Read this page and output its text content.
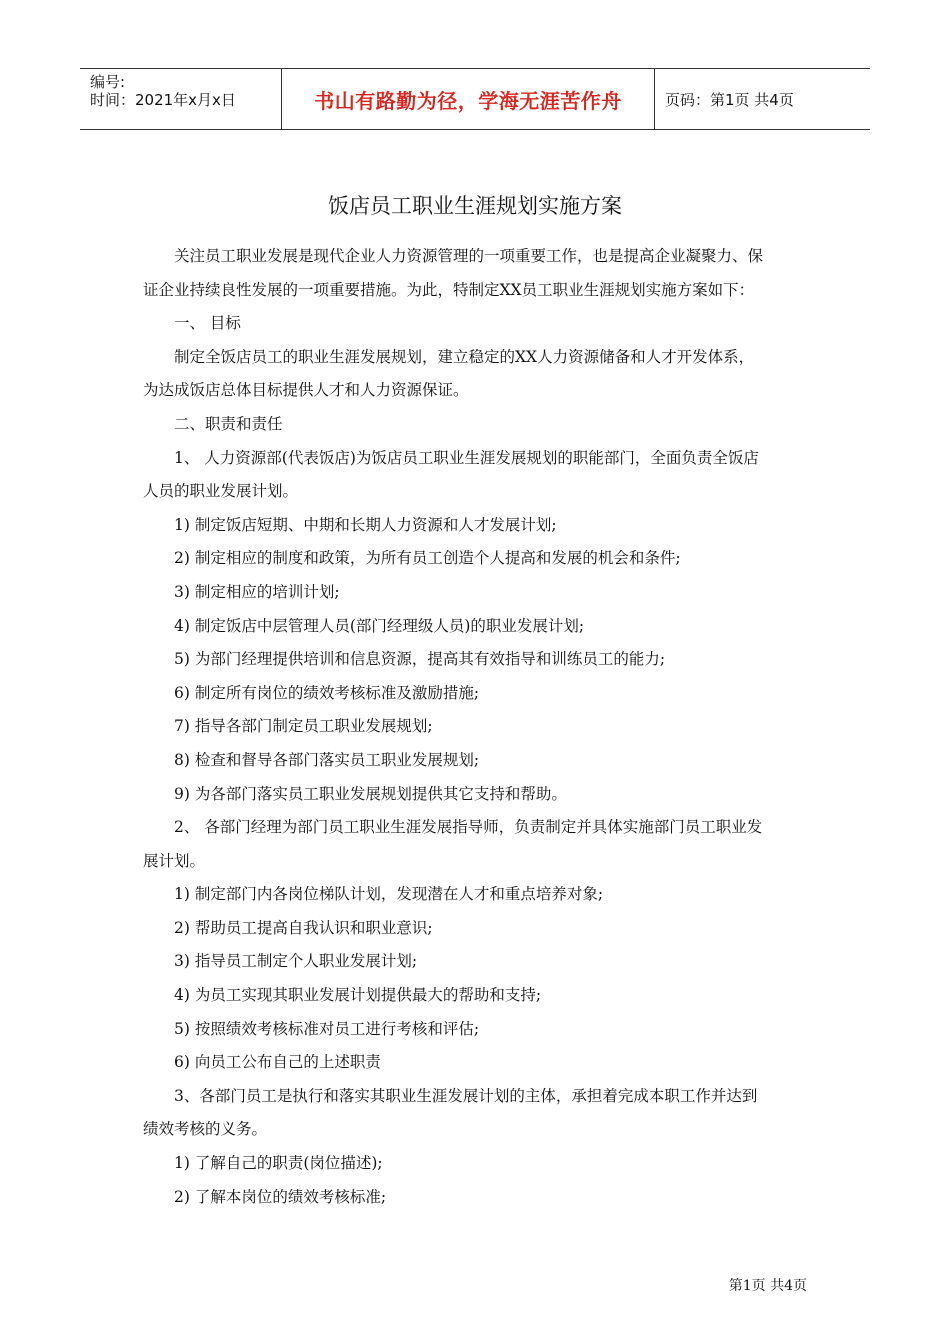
编号:
时间：2021年x月x日	书山有路勤为径，学海无涯苦作舟	页码：第1页 共4页
饭店员工职业生涯规划实施方案
关注员工职业发展是现代企业人力资源管理的一项重要工作，也是提高企业凝聚力、保
证企业持续良性发展的一项重要措施。为此，特制定XX员工职业生涯规划实施方案如下：
一、 目标
制定全饭店员工的职业生涯发展规划，建立稳定的XX人力资源储备和人才开发体系，
为达成饭店总体目标提供人才和人力资源保证。
二、职责和责任
1、 人力资源部(代表饭店)为饭店员工职业生涯发展规划的职能部门，全面负责全饭店
人员的职业发展计划。
1) 制定饭店短期、中期和长期人力资源和人才发展计划;
2) 制定相应的制度和政策，为所有员工创造个人提高和发展的机会和条件;
3) 制定相应的培训计划;
4) 制定饭店中层管理人员(部门经理级人员)的职业发展计划;
5) 为部门经理提供培训和信息资源，提高其有效指导和训练员工的能力;
6) 制定所有岗位的绩效考核标准及激励措施;
7) 指导各部门制定员工职业发展规划;
8) 检查和督导各部门落实员工职业发展规划;
9) 为各部门落实员工职业发展规划提供其它支持和帮助。
2、 各部门经理为部门员工职业生涯发展指导师，负责制定并具体实施部门员工职业发
展计划。
1) 制定部门内各岗位梯队计划，发现潜在人才和重点培养对象;
2) 帮助员工提高自我认识和职业意识;
3) 指导员工制定个人职业发展计划;
4) 为员工实现其职业发展计划提供最大的帮助和支持;
5) 按照绩效考核标准对员工进行考核和评估;
6) 向员工公布自己的上述职责
3、各部门员工是执行和落实其职业生涯发展计划的主体，承担着完成本职工作并达到
绩效考核的义务。
1) 了解自己的职责(岗位描述);
2) 了解本岗位的绩效考核标准;
第1页 共4页
